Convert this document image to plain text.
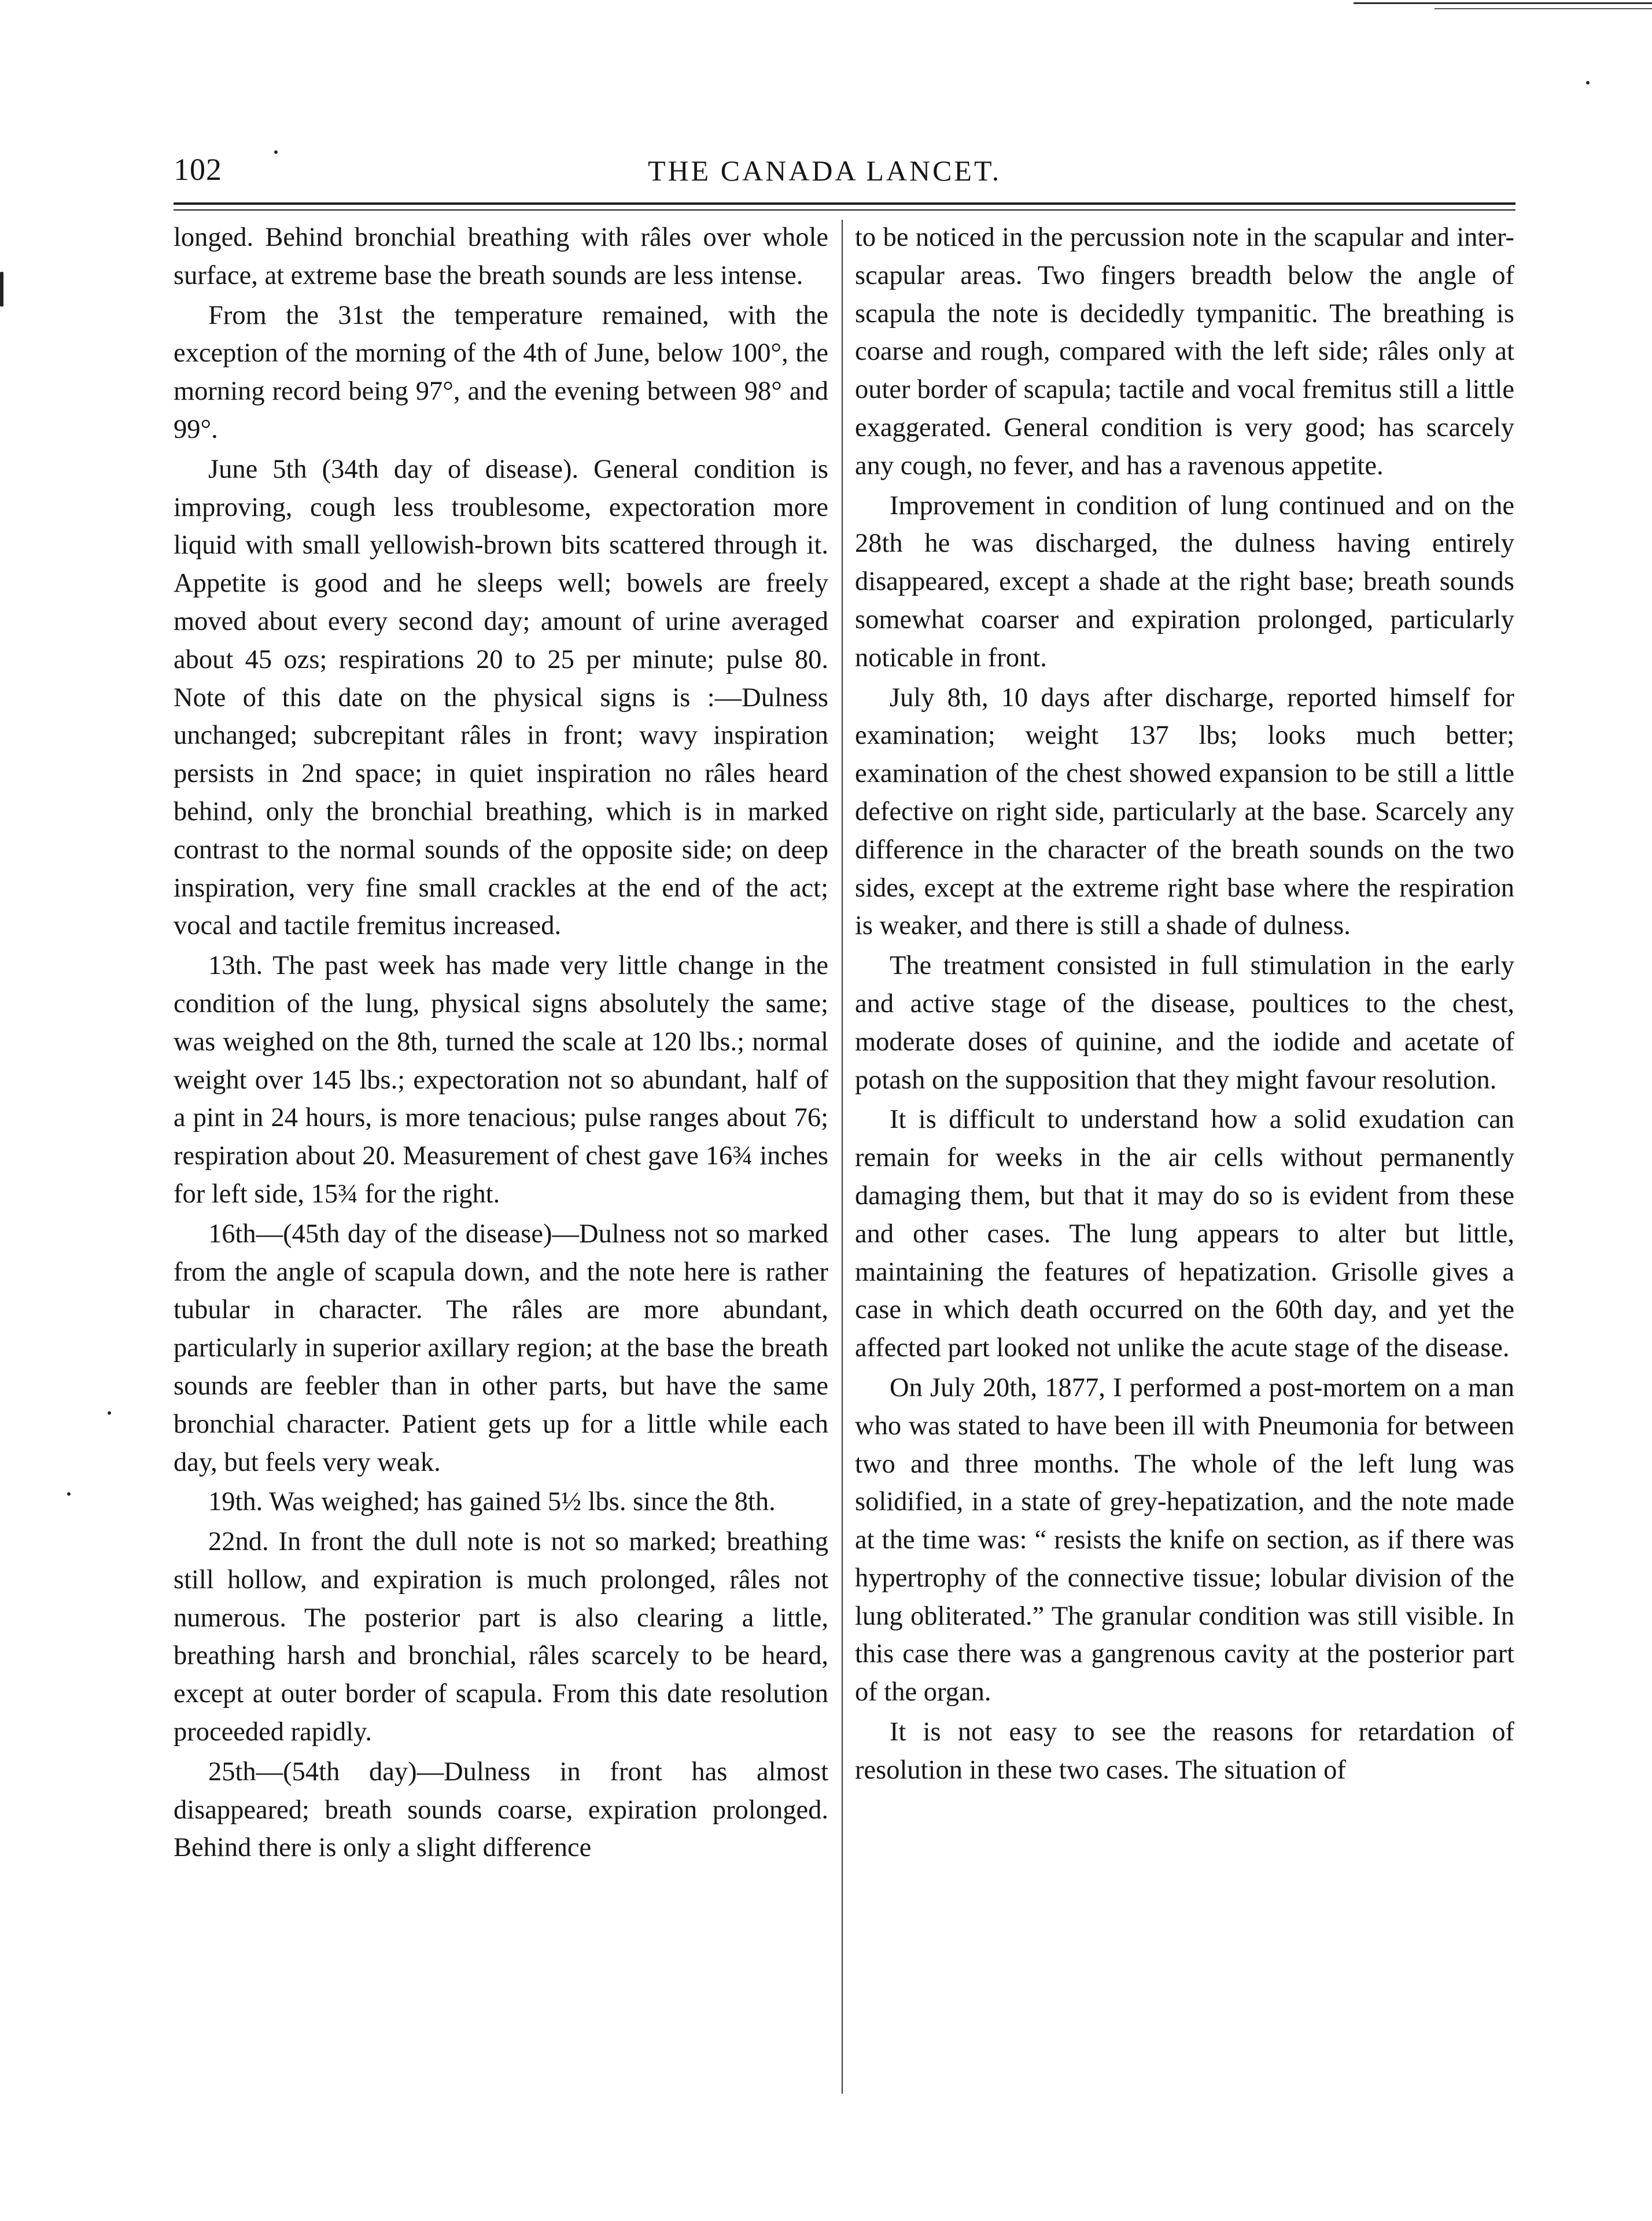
102	THE CANADA LANCET.

longed. Behind bronchial breathing with râles over whole surface, at extreme base the breath sounds are less intense.

From the 31st the temperature remained, with the exception of the morning of the 4th of June, below 100°, the morning record being 97°, and the evening between 98° and 99°.

June 5th (34th day of disease). General condition is improving, cough less troublesome, expectoration more liquid with small yellowish-brown bits scattered through it. Appetite is good and he sleeps well; bowels are freely moved about every second day; amount of urine averaged about 45 ozs; respirations 20 to 25 per minute; pulse 80. Note of this date on the physical signs is :—Dulness unchanged; subcrepitant râles in front; wavy inspiration persists in 2nd space; in quiet inspiration no râles heard behind, only the bronchial breathing, which is in marked contrast to the normal sounds of the opposite side; on deep inspiration, very fine small crackles at the end of the act; vocal and tactile fremitus increased.

13th. The past week has made very little change in the condition of the lung, physical signs absolutely the same; was weighed on the 8th, turned the scale at 120 lbs.; normal weight over 145 lbs.; expectoration not so abundant, half of a pint in 24 hours, is more tenacious; pulse ranges about 76; respiration about 20. Measurement of chest gave 16¾ inches for left side, 15¾ for the right.

16th—(45th day of the disease)—Dulness not so marked from the angle of scapula down, and the note here is rather tubular in character. The râles are more abundant, particularly in superior axillary region; at the base the breath sounds are feebler than in other parts, but have the same bronchial character. Patient gets up for a little while each day, but feels very weak.

19th. Was weighed; has gained 5½ lbs. since the 8th.

22nd. In front the dull note is not so marked; breathing still hollow, and expiration is much prolonged, râles not numerous. The posterior part is also clearing a little, breathing harsh and bronchial, râles scarcely to be heard, except at outer border of scapula. From this date resolution proceeded rapidly.

25th—(54th day)—Dulness in front has almost disappeared; breath sounds coarse, expiration prolonged. Behind there is only a slight difference

to be noticed in the percussion note in the scapular and inter-scapular areas. Two fingers breadth below the angle of scapula the note is decidedly tympanitic. The breathing is coarse and rough, compared with the left side; râles only at outer border of scapula; tactile and vocal fremitus still a little exaggerated. General condition is very good; has scarcely any cough, no fever, and has a ravenous appetite.

Improvement in condition of lung continued and on the 28th he was discharged, the dulness having entirely disappeared, except a shade at the right base; breath sounds somewhat coarser and expiration prolonged, particularly noticable in front.

July 8th, 10 days after discharge, reported himself for examination; weight 137 lbs; looks much better; examination of the chest showed expansion to be still a little defective on right side, particularly at the base. Scarcely any difference in the character of the breath sounds on the two sides, except at the extreme right base where the respiration is weaker, and there is still a shade of dulness.

The treatment consisted in full stimulation in the early and active stage of the disease, poultices to the chest, moderate doses of quinine, and the iodide and acetate of potash on the supposition that they might favour resolution.

It is difficult to understand how a solid exudation can remain for weeks in the air cells without permanently damaging them, but that it may do so is evident from these and other cases. The lung appears to alter but little, maintaining the features of hepatization. Grisolle gives a case in which death occurred on the 60th day, and yet the affected part looked not unlike the acute stage of the disease.

On July 20th, 1877, I performed a post-mortem on a man who was stated to have been ill with Pneumonia for between two and three months. The whole of the left lung was solidified, in a state of grey-hepatization, and the note made at the time was: “ resists the knife on section, as if there was hypertrophy of the connective tissue; lobular division of the lung obliterated.” The granular condition was still visible. In this case there was a gangrenous cavity at the posterior part of the organ.

It is not easy to see the reasons for retardation of resolution in these two cases. The situation of
